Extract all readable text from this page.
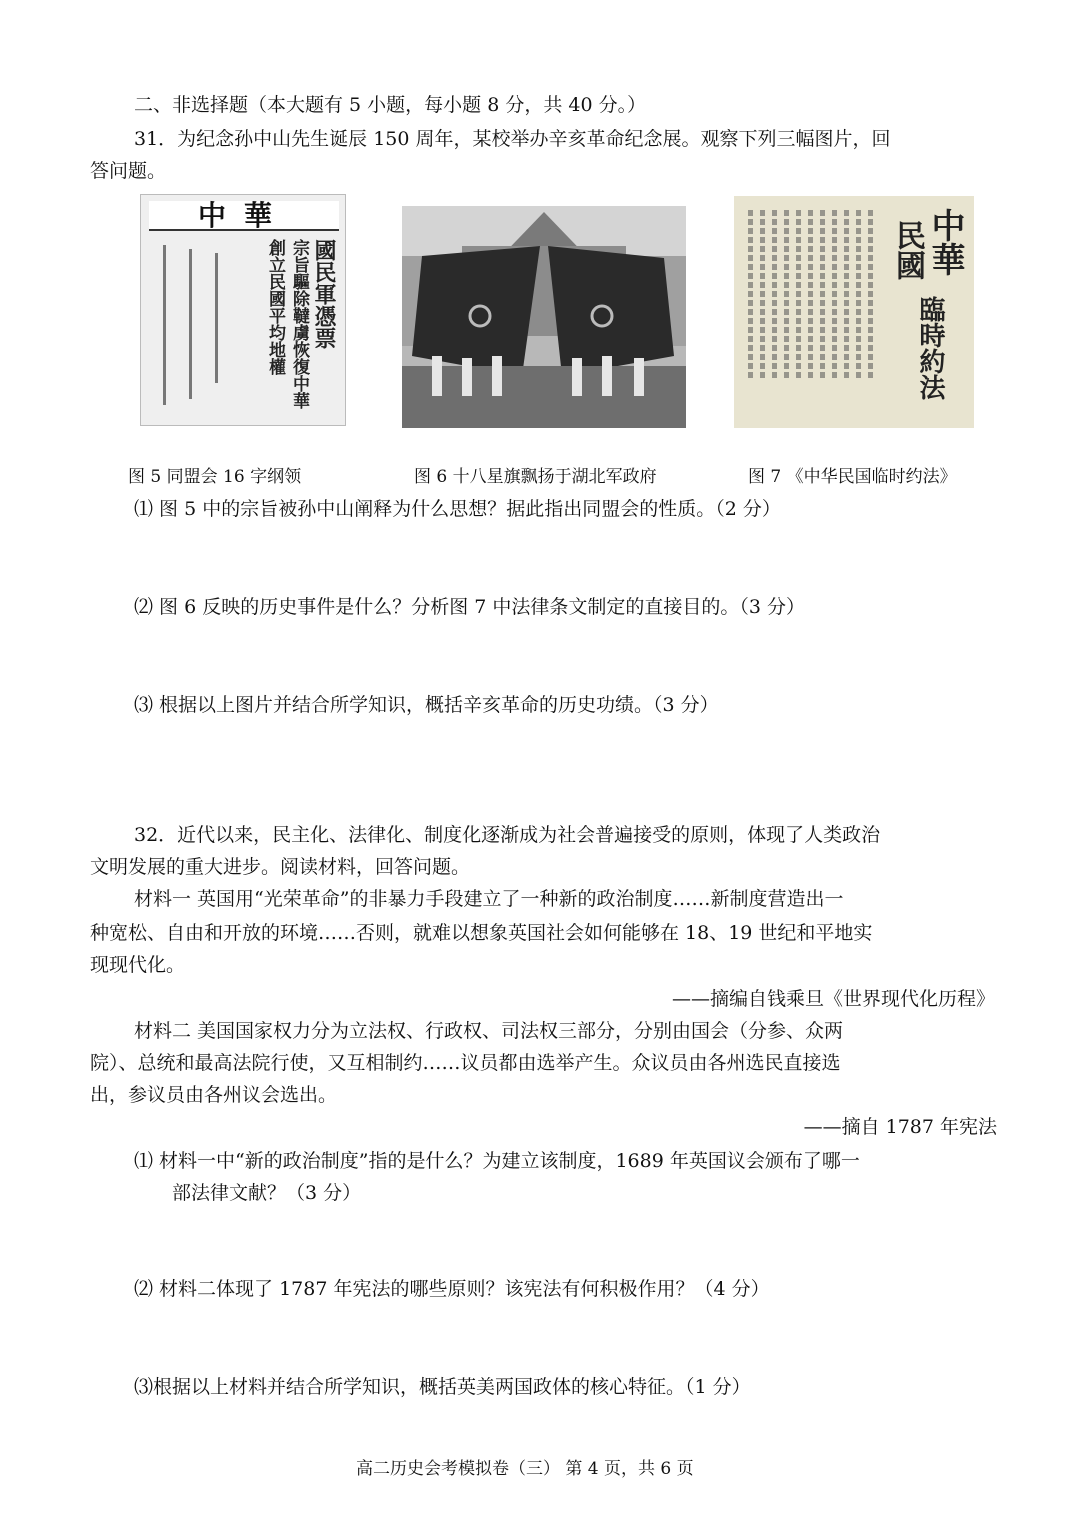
二、非选择题（本大题有 5 小题，每小题 8 分，共 40 分。）
31．为纪念孙中山先生诞辰 150 周年，某校举办辛亥革命纪念展。观察下列三幅图片，回
答问题。
中華
國民軍憑票
宗旨驅除韃虜恢復中華
創立民國平均地權
图 5 同盟会 16 字纲领	图 6 十八星旗飘扬于湖北军政府
中華
民國
臨時約法
图 7 《中华民国临时约法》
⑴ 图 5 中的宗旨被孙中山阐释为什么思想？据此指出同盟会的性质。（2 分）
⑵ 图 6 反映的历史事件是什么？分析图 7 中法律条文制定的直接目的。（3 分）
⑶ 根据以上图片并结合所学知识，概括辛亥革命的历史功绩。（3 分）
32．近代以来，民主化、法律化、制度化逐渐成为社会普遍接受的原则，体现了人类政治
文明发展的重大进步。阅读材料，回答问题。
材料一 英国用“光荣革命”的非暴力手段建立了一种新的政治制度……新制度营造出一
种宽松、自由和开放的环境……否则，就难以想象英国社会如何能够在 18、19 世纪和平地实
现现代化。
——摘编自钱乘旦《世界现代化历程》
材料二 美国国家权力分为立法权、行政权、司法权三部分，分别由国会（分参、众两
院）、总统和最高法院行使，又互相制约……议员都由选举产生。众议员由各州选民直接选
出，参议员由各州议会选出。
——摘自 1787 年宪法
⑴ 材料一中“新的政治制度”指的是什么？为建立该制度，1689 年英国议会颁布了哪一
部法律文献？（3 分）
⑵ 材料二体现了 1787 年宪法的哪些原则？该宪法有何积极作用？（4 分）
⑶根据以上材料并结合所学知识，概括英美两国政体的核心特征。（1 分）
高二历史会考模拟卷（三） 第 4 页，共 6 页
